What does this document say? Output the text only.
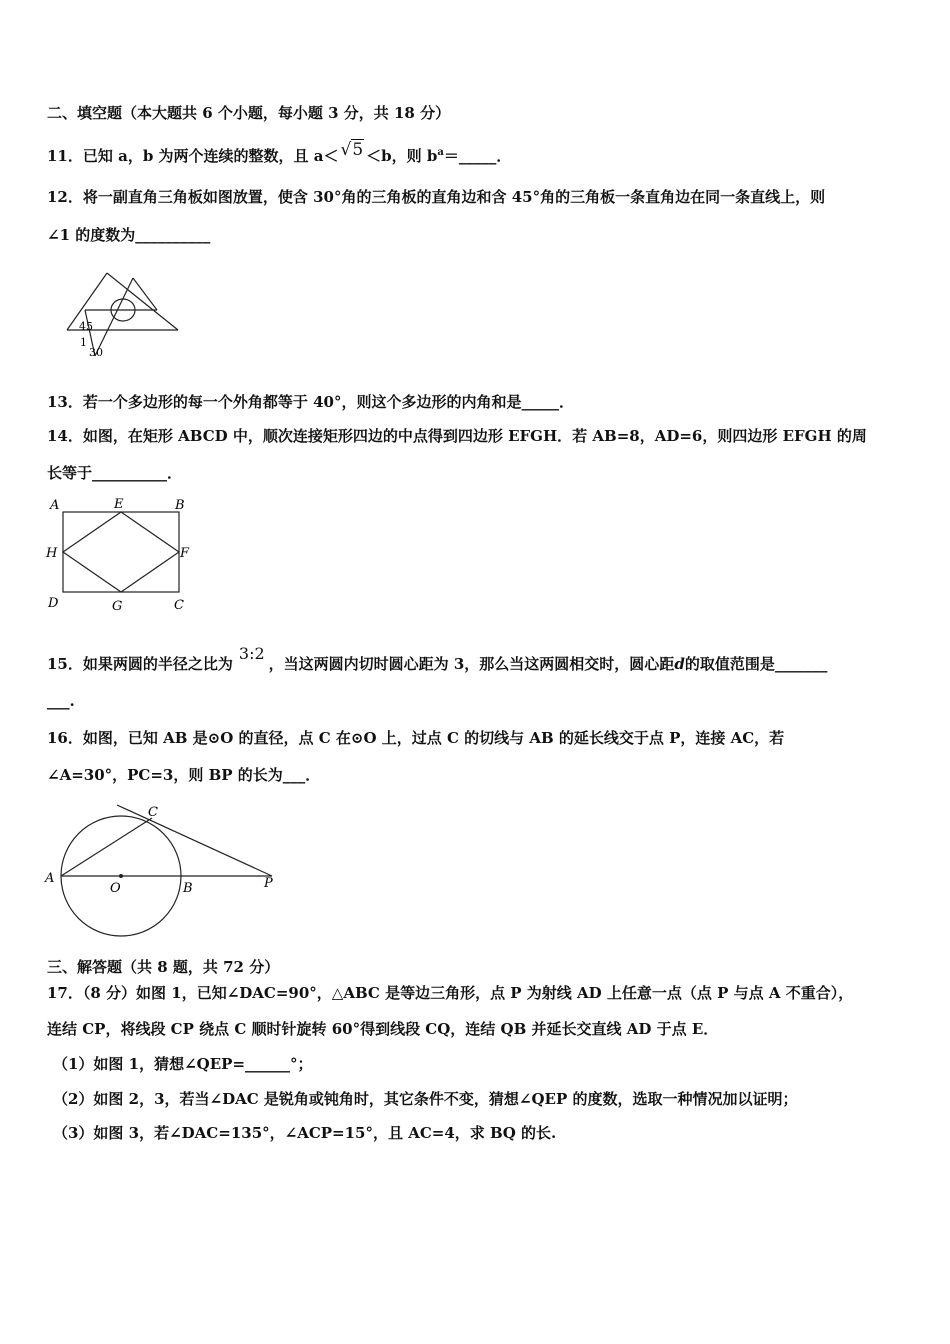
二、填空题（本大题共 6 个小题，每小题 3 分，共 18 分）
11．已知 a，b 为两个连续的整数，且 a＜ √5 ＜b，则 $b^a=\_\_\_\_\_$．
12．将一副直角三角板如图放置，使含 30°角的三角板的直角边和含 45°角的三角板一条直角边在同一条直线上，则
∠1 的度数为__________
45
1
30
13．若一个多边形的每一个外角都等于 40°，则这个多边形的内角和是_____．
14．如图，在矩形 ABCD 中，顺次连接矩形四边的中点得到四边形 EFGH．若 AB=8，AD=6，则四边形 EFGH 的周
长等于__________．
A	E	B
H	F
D	G	C
15．如果两圆的半径之比为3:2，当这两圆内切时圆心距为 3，那么当这两圆相交时，圆心距d的取值范围是_______
___.
16．如图，已知 AB 是⊙O 的直径，点 C 在⊙O 上，过点 C 的切线与 AB 的延长线交于点 P，连接 AC，若
∠A=30°，PC=3，则 BP 的长为___．
A
O	B	P
C
三、解答题（共 8 题，共 72 分）
17．（8 分）如图 1，已知∠DAC=90°，△ABC 是等边三角形，点 P 为射线 AD 上任意一点（点 P 与点 A 不重合），
连结 CP，将线段 CP 绕点 C 顺时针旋转 60°得到线段 CQ，连结 QB 并延长交直线 AD 于点 E．
（1）如图 1，猜想∠QEP=______°；
（2）如图 2，3，若当∠DAC 是锐角或钝角时，其它条件不变，猜想∠QEP 的度数，选取一种情况加以证明；
（3）如图 3，若∠DAC=135°，∠ACP=15°，且 AC=4，求 BQ 的长.
